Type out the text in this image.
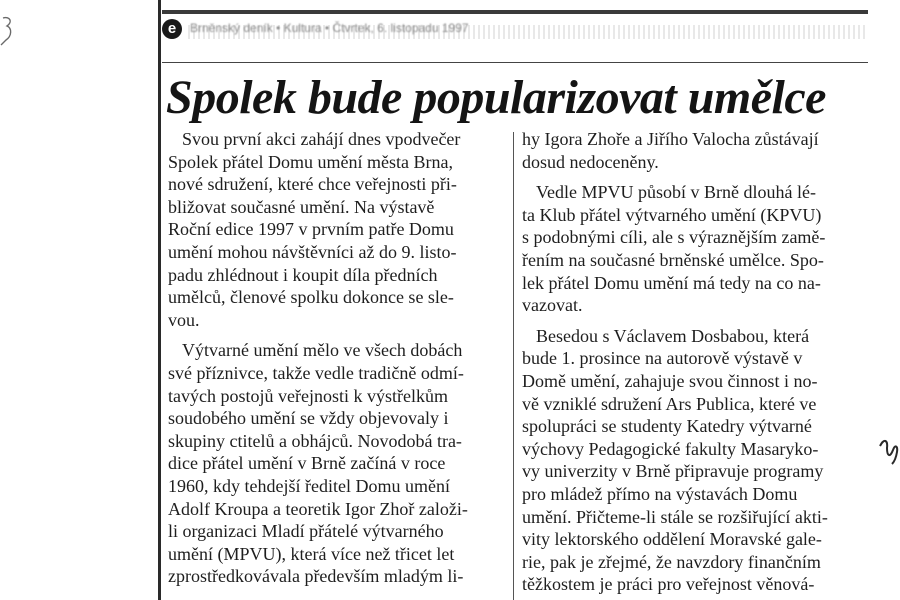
e	Brněnský deník • Kultura • Čtvrtek, 6. listopadu 1997
Spolek bude popularizovat umělce
Svou první akci zahájí dnes vpodvečer
Spolek přátel Domu umění města Brna,
nové sdružení, které chce veřejnosti při-
bližovat současné umění. Na výstavě
Roční edice 1997 v prvním patře Domu
umění mohou návštěvníci až do 9. listo-
padu zhlédnout i koupit díla předních
umělců, členové spolku dokonce se sle-
vou.
Výtvarné umění mělo ve všech dobách
své příznivce, takže vedle tradičně odmí-
tavých postojů veřejnosti k výstřelkům
soudobého umění se vždy objevovaly i
skupiny ctitelů a obhájců. Novodobá tra-
dice přátel umění v Brně začíná v roce
1960, kdy tehdejší ředitel Domu umění
Adolf Kroupa a teoretik Igor Zhoř založi-
li organizaci Mladí přátelé výtvarného
umění (MPVU), která více než třicet let
zprostředkovávala především mladým li-
hy Igora Zhoře a Jiřího Valocha zůstávají
dosud nedoceněny.
Vedle MPVU působí v Brně dlouhá lé-
ta Klub přátel výtvarného umění (KPVU)
s podobnými cíli, ale s výraznějším zamě-
řením na současné brněnské umělce. Spo-
lek přátel Domu umění má tedy na co na-
vazovat.
Besedou s Václavem Dosbabou, která
bude 1. prosince na autorově výstavě v
Domě umění, zahajuje svou činnost i no-
vě vzniklé sdružení Ars Publica, které ve
spolupráci se studenty Katedry výtvarné
výchovy Pedagogické fakulty Masaryko-
vy univerzity v Brně připravuje programy
pro mládež přímo na výstavách Domu
umění. Přičteme-li stále se rozšiřující akti-
vity lektorského oddělení Moravské gale-
rie, pak je zřejmé, že navzdory finančním
těžkostem je práci pro veřejnost věnová-
